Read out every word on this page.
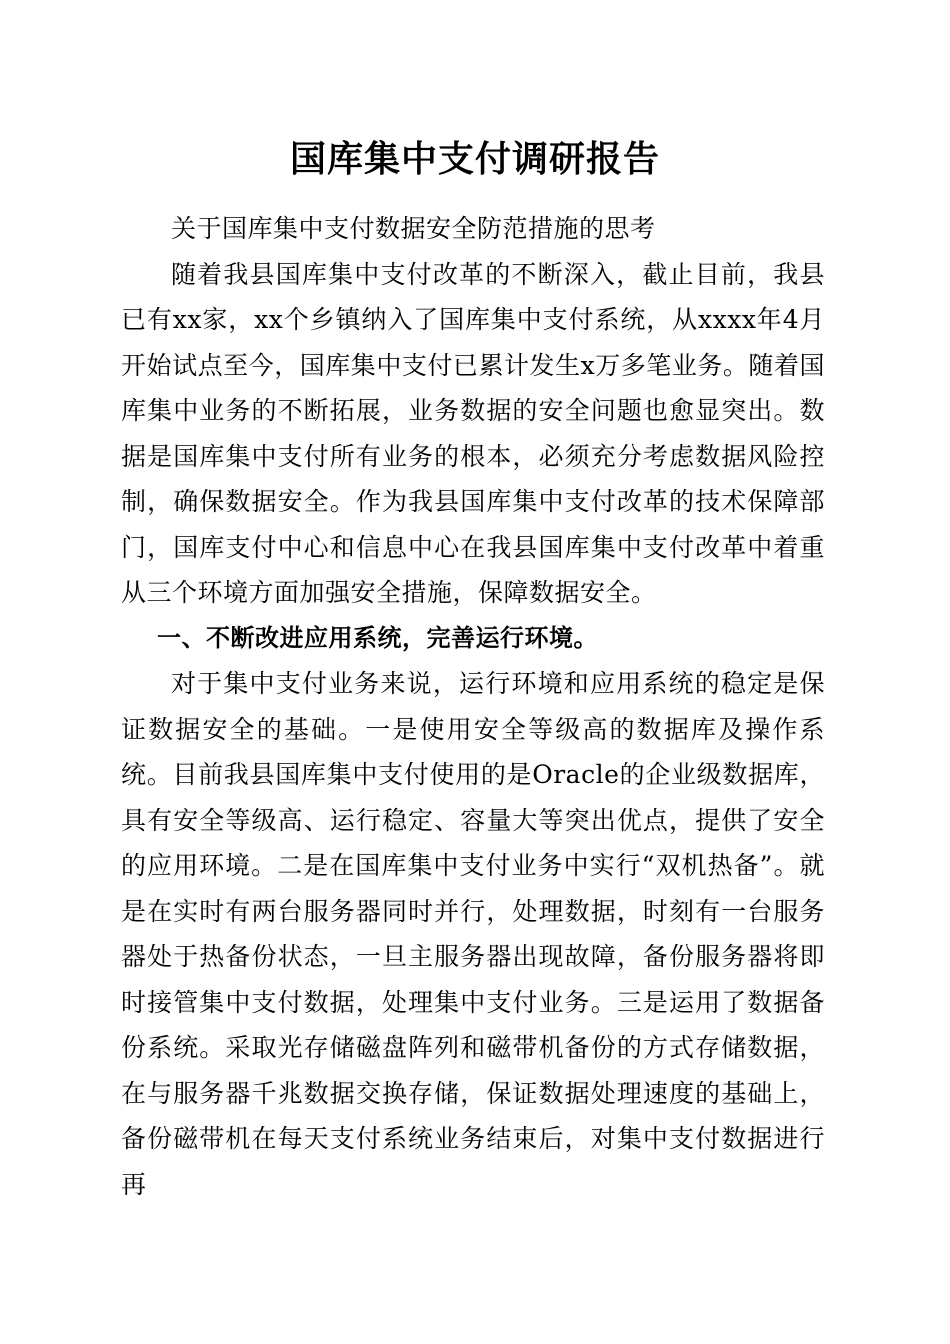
国库集中支付调研报告

关于国库集中支付数据安全防范措施的思考

随着我县国库集中支付改革的不断深入，截止目前，我县已有xx家，xx个乡镇纳入了国库集中支付系统，从xxxx年4月开始试点至今，国库集中支付已累计发生x万多笔业务。随着国库集中业务的不断拓展，业务数据的安全问题也愈显突出。数据是国库集中支付所有业务的根本，必须充分考虑数据风险控制，确保数据安全。作为我县国库集中支付改革的技术保障部门，国库支付中心和信息中心在我县国库集中支付改革中着重从三个环境方面加强安全措施，保障数据安全。

一、不断改进应用系统，完善运行环境。

对于集中支付业务来说，运行环境和应用系统的稳定是保证数据安全的基础。一是使用安全等级高的数据库及操作系统。目前我县国库集中支付使用的是Oracle的企业级数据库，具有安全等级高、运行稳定、容量大等突出优点，提供了安全的应用环境。二是在国库集中支付业务中实行“双机热备”。就是在实时有两台服务器同时并行，处理数据，时刻有一台服务器处于热备份状态，一旦主服务器出现故障，备份服务器将即时接管集中支付数据，处理集中支付业务。三是运用了数据备份系统。采取光存储磁盘阵列和磁带机备份的方式存储数据，在与服务器千兆数据交换存储，保证数据处理速度的基础上，备份磁带机在每天支付系统业务结束后，对集中支付数据进行再
